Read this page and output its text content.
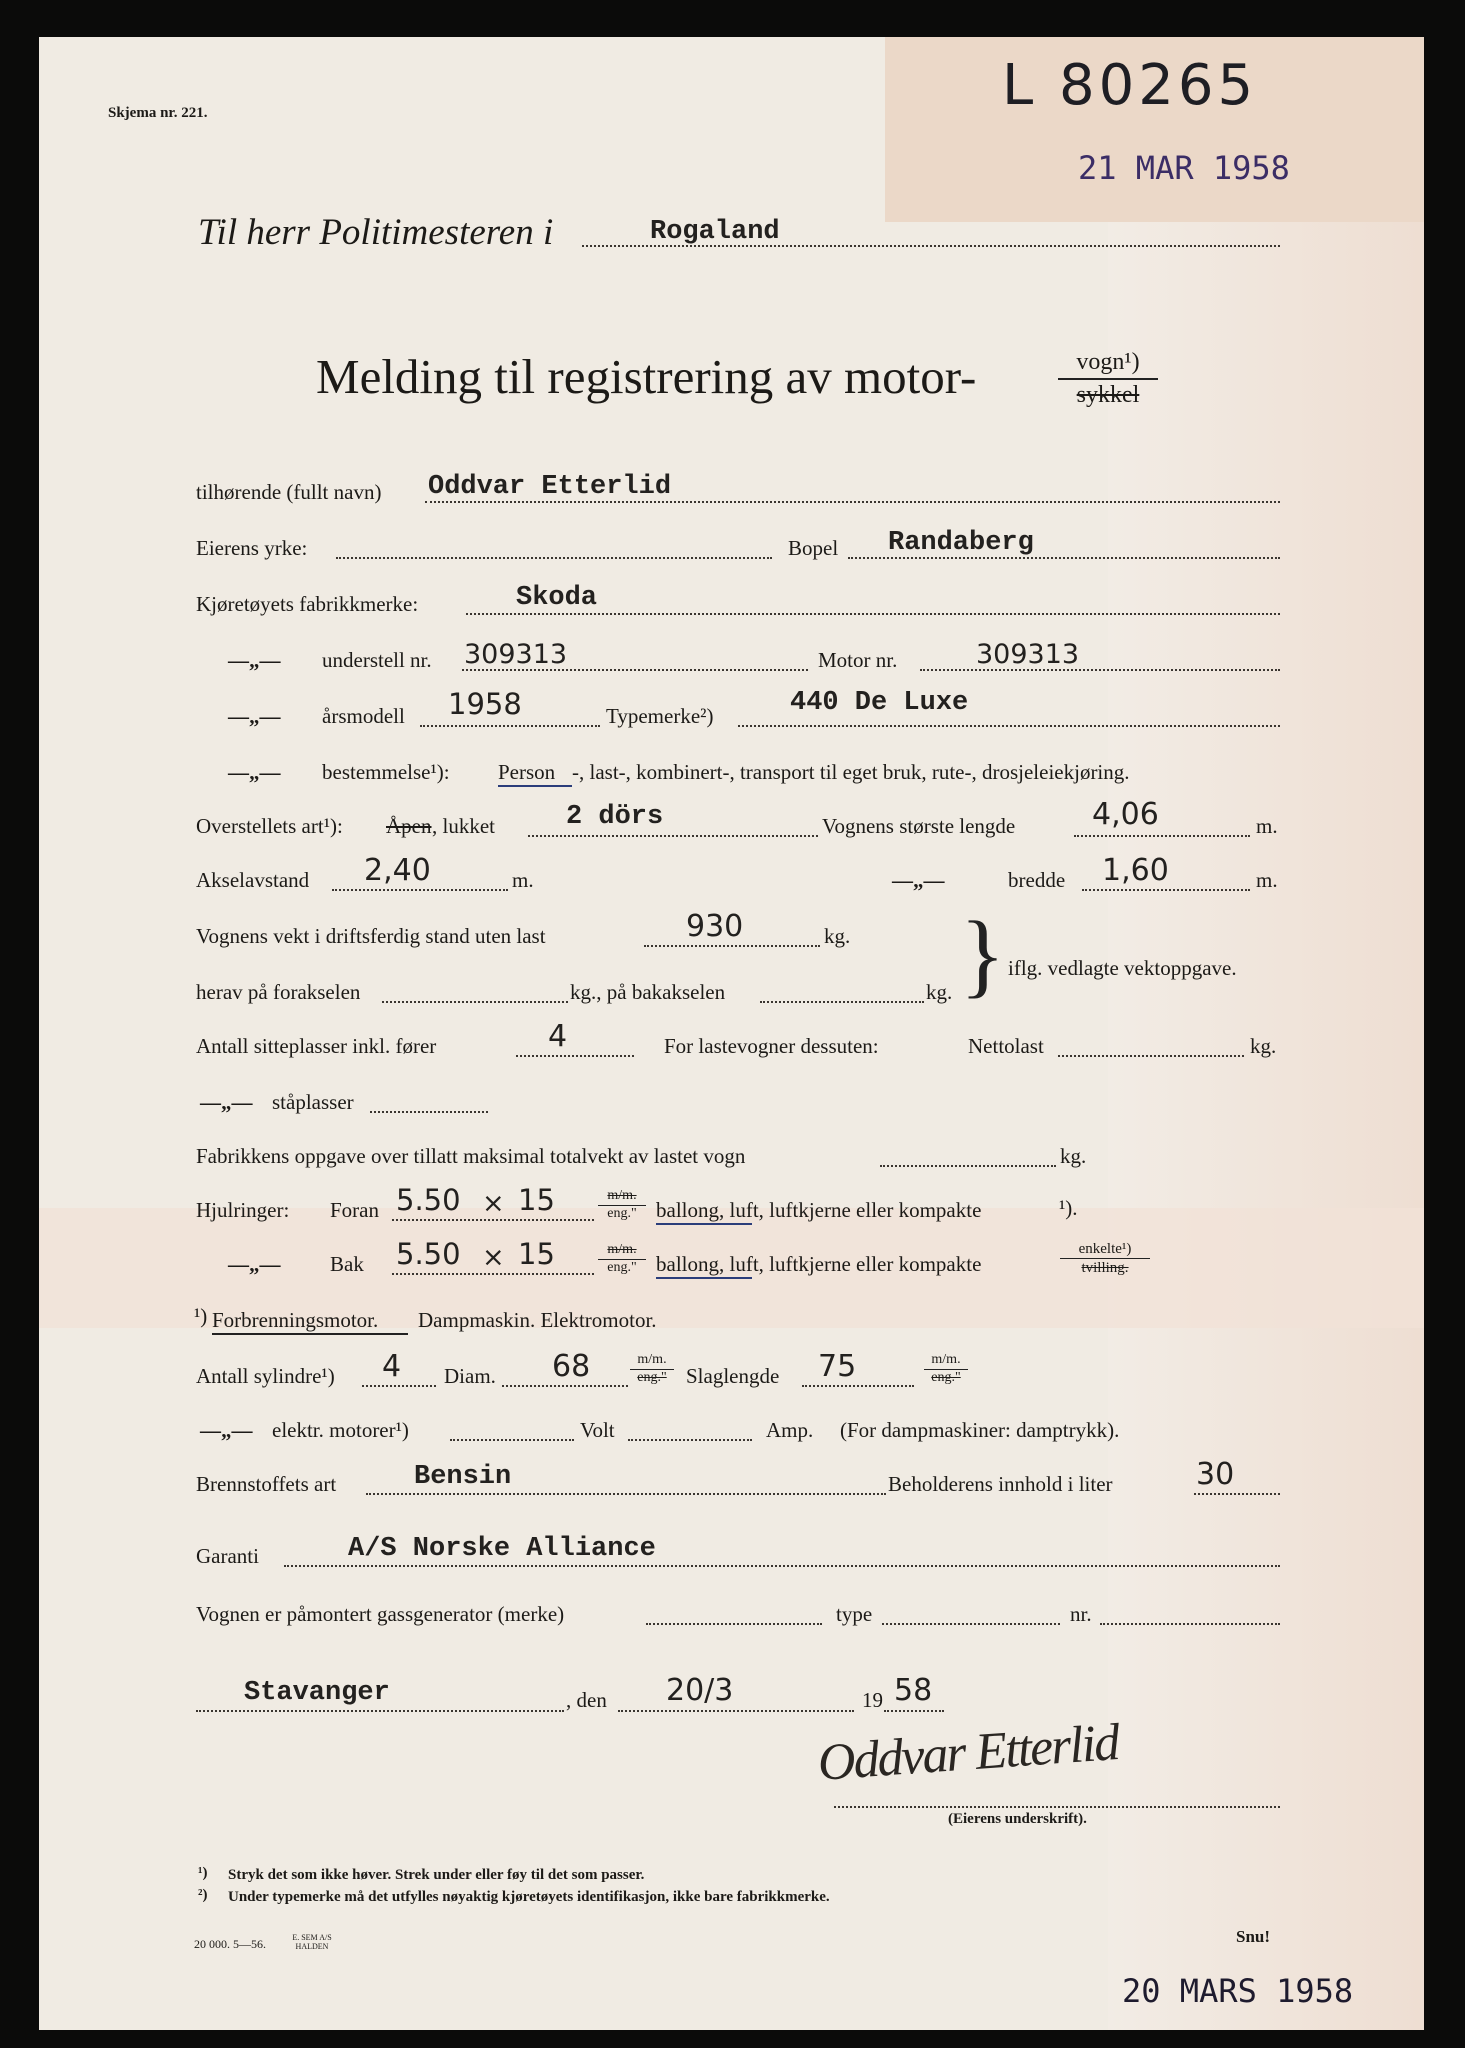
Skjema nr. 221.	L 80265
21 MAR 1958
Til herr Politimesteren i	Rogaland
Melding til registrering av motor-	vogn¹)
sykkel
tilhørende (fullt navn) Oddvar Etterlid
Eierens yrke:	Bopel Randaberg
Kjøretøyets fabrikkmerke:	Skoda
—„— understell nr. 309313	Motor nr.	309313
—„— årsmodell 1958	Typemerke²)	440 De Luxe
—„— bestemmelse¹): Person -, last-, kombinert-, transport til eget bruk, rute-, drosjeleiekjøring.
Overstellets art¹): Åpen , lukket	2 dörs	Vognens største lengde	4,06	m.
Akselavstand 2,40	m.	—„—	bredde 1,60	m.
Vognens vekt i driftsferdig stand uten last	930	kg. } iflg. vedlagte vektoppgave.
herav på forakselen	kg., på bakakselen	kg.
Antall sitteplasser inkl. fører	4	For lastevogner dessuten:	Nettolast	kg.
—„— ståplasser
Fabrikkens oppgave over tillatt maksimal totalvekt av lastet vogn	kg.
Hjulringer: Foran 5.50 × 15	m/m.
eng." ballong, luft, luftkjerne eller kompakte	¹).
—„— Bak 5.50 × 15	m/m.
eng." ballong, luft, luftkjerne eller kompakte
enkelte¹)
tvilling.
¹) Forbrenningsmotor. Dampmaskin. Elektromotor.
Antall sylindre¹) 4 Diam. 68	m/m.
eng." Slaglengde 75	m/m.
eng."
—„— elektr. motorer¹)	Volt	Amp. (For dampmaskiner: damptrykk).
Brennstoffets art	Bensin	Beholderens innhold i liter	30
Garanti	A/S Norske Alliance
Vognen er påmontert gassgenerator (merke)	type	nr.
Stavanger	, den 20/3	19 58
Oddvar Etterlid
(Eierens underskrift).
¹) Stryk det som ikke høver. Strek under eller føy til det som passer.
²) Under typemerke må det utfylles nøyaktig kjøretøyets identifikasjon, ikke bare fabrikkmerke.
20 000. 5—56.	E. SEM A/S HALDEN
Snu!
20 MARS 1958
